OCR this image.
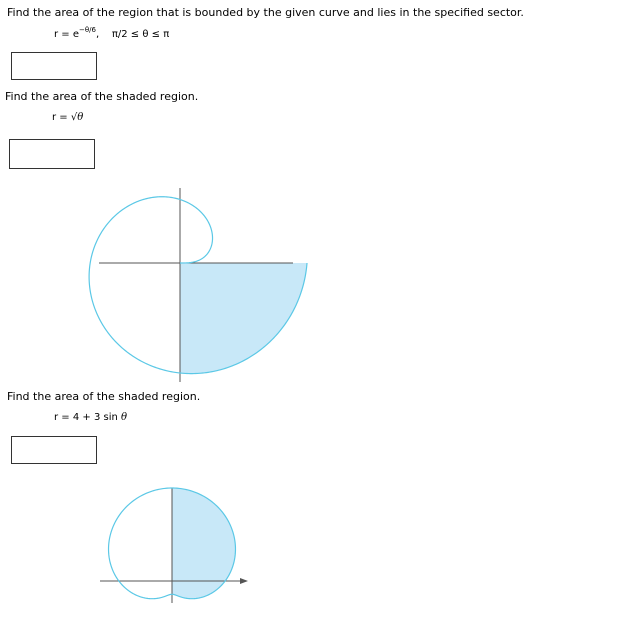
Find the area of the region that is bounded by the given curve and lies in the specified sector.
$r = e^{-\theta/6}$, π/2 ≤ θ ≤ π
Find the area of the shaded region.
r = √θ
Find the area of the shaded region.
r = 4 + 3 sin θ
